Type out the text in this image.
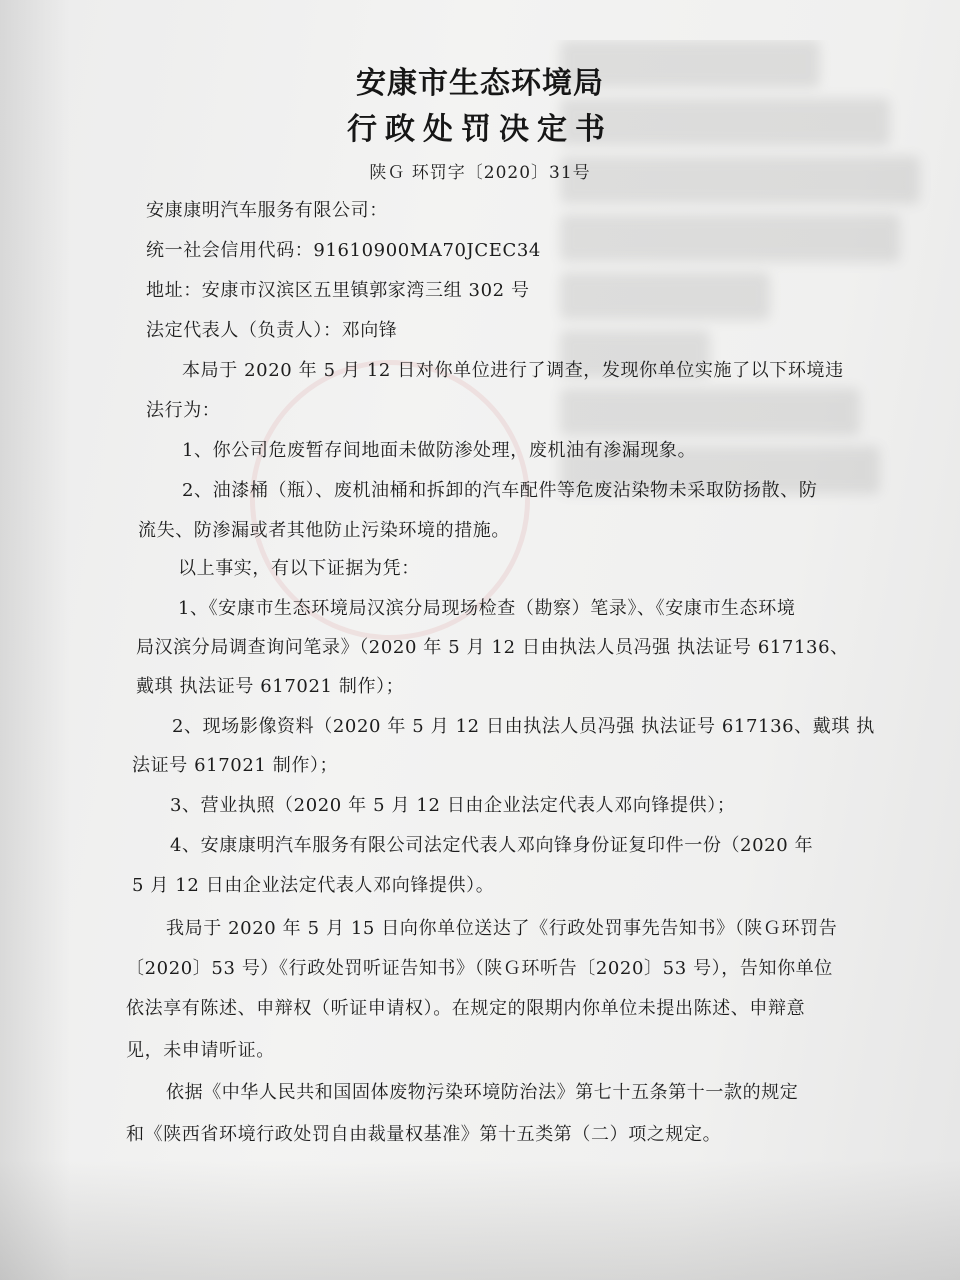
安康市生态环境局
行政处罚决定书
陕Ｇ 环罚字〔2020〕31号
安康康明汽车服务有限公司：
统一社会信用代码：91610900MA70JCEC34
地址：安康市汉滨区五里镇郭家湾三组 302 号
法定代表人（负责人）：邓向锋
本局于 2020 年 5 月 12 日对你单位进行了调查，发现你单位实施了以下环境违
法行为：
1、你公司危废暂存间地面未做防渗处理，废机油有渗漏现象。
2、油漆桶（瓶）、废机油桶和拆卸的汽车配件等危废沾染物未采取防扬散、防
流失、防渗漏或者其他防止污染环境的措施。
以上事实，有以下证据为凭：
1、《安康市生态环境局汉滨分局现场检查（勘察）笔录》、《安康市生态环境
局汉滨分局调查询问笔录》（2020 年 5 月 12 日由执法人员冯强 执法证号 617136、
戴琪 执法证号 617021 制作）；
2、现场影像资料（2020 年 5 月 12 日由执法人员冯强 执法证号 617136、戴琪 执
法证号 617021 制作）；
3、营业执照（2020 年 5 月 12 日由企业法定代表人邓向锋提供）；
4、安康康明汽车服务有限公司法定代表人邓向锋身份证复印件一份（2020 年
5 月 12 日由企业法定代表人邓向锋提供）。
我局于 2020 年 5 月 15 日向你单位送达了《行政处罚事先告知书》（陕Ｇ环罚告
〔2020〕53 号）《行政处罚听证告知书》（陕Ｇ环听告〔2020〕53 号），告知你单位
依法享有陈述、申辩权（听证申请权）。在规定的限期内你单位未提出陈述、申辩意
见，未申请听证。
依据《中华人民共和国固体废物污染环境防治法》第七十五条第十一款的规定
和《陕西省环境行政处罚自由裁量权基准》第十五类第（二）项之规定。
